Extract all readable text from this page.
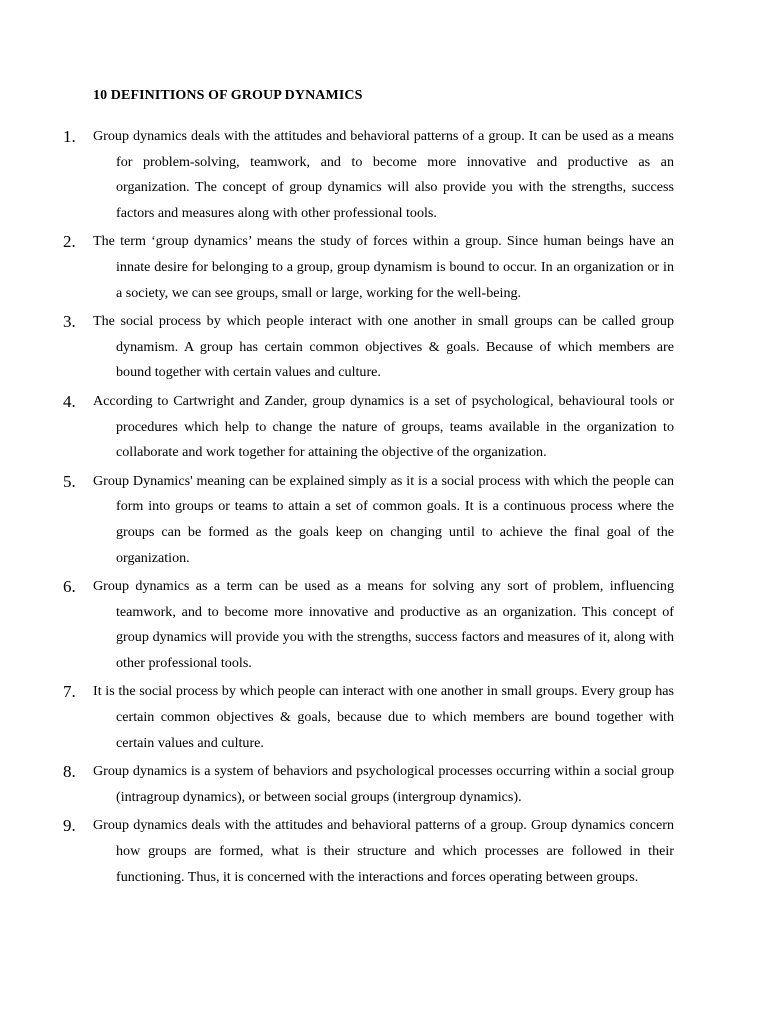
10 DEFINITIONS OF GROUP DYNAMICS
1. Group dynamics deals with the attitudes and behavioral patterns of a group. It can be used as a means for problem-solving, teamwork, and to become more innovative and productive as an organization. The concept of group dynamics will also provide you with the strengths, success factors and measures along with other professional tools.
2. The term ‘group dynamics’ means the study of forces within a group. Since human beings have an innate desire for belonging to a group, group dynamism is bound to occur. In an organization or in a society, we can see groups, small or large, working for the well-being.
3. The social process by which people interact with one another in small groups can be called group dynamism. A group has certain common objectives & goals. Because of which members are bound together with certain values and culture.
4. According to Cartwright and Zander, group dynamics is a set of psychological, behavioural tools or procedures which help to change the nature of groups, teams available in the organization to collaborate and work together for attaining the objective of the organization.
5. Group Dynamics' meaning can be explained simply as it is a social process with which the people can form into groups or teams to attain a set of common goals. It is a continuous process where the groups can be formed as the goals keep on changing until to achieve the final goal of the organization.
6. Group dynamics as a term can be used as a means for solving any sort of problem, influencing teamwork, and to become more innovative and productive as an organization. This concept of group dynamics will provide you with the strengths, success factors and measures of it, along with other professional tools.
7. It is the social process by which people can interact with one another in small groups. Every group has certain common objectives & goals, because due to which members are bound together with certain values and culture.
8. Group dynamics is a system of behaviors and psychological processes occurring within a social group (intragroup dynamics), or between social groups (intergroup dynamics).
9. Group dynamics deals with the attitudes and behavioral patterns of a group. Group dynamics concern how groups are formed, what is their structure and which processes are followed in their functioning. Thus, it is concerned with the interactions and forces operating between groups.
